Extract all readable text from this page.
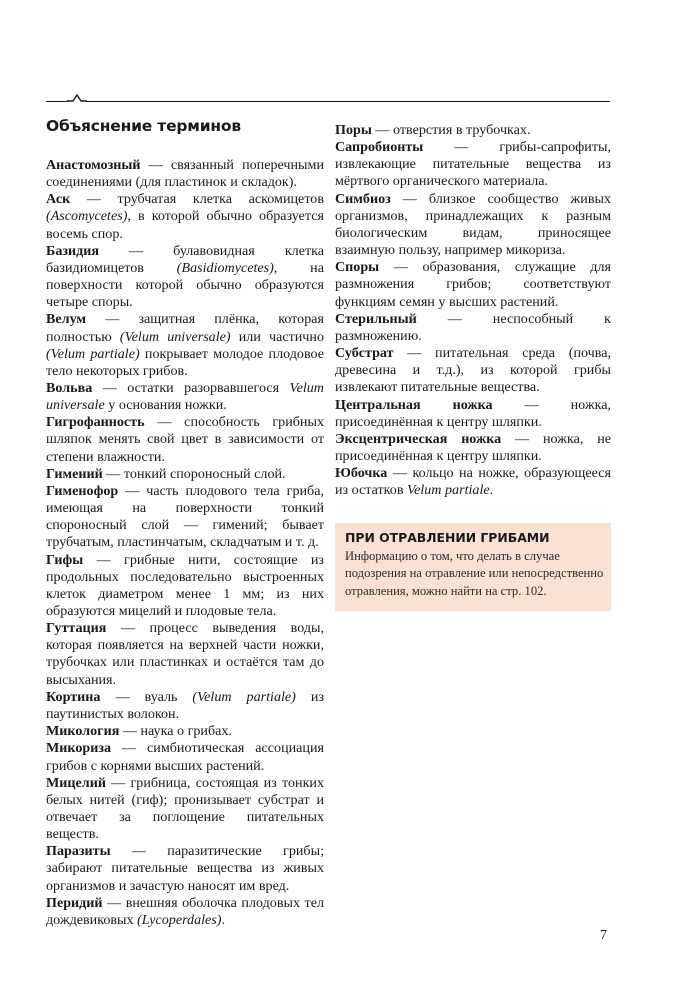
Объяснение терминов

Анастомозный — связанный поперечными соединениями (для пластинок и складок).

Аск — трубчатая клетка аскомицетов (Ascomycetes), в которой обычно образуется восемь спор.

Базидия — булавовидная клетка базидиомицетов (Basidiomycetes), на поверхности которой обычно образуются четыре споры.

Велум — защитная плёнка, которая полностью (Velum universale) или частично (Velum partiale) покрывает молодое плодовое тело некоторых грибов.

Вольва — остатки разорвавшегося Velum universale у основания ножки.

Гигрофанность — способность грибных шляпок менять свой цвет в зависимости от степени влажности.

Гимений — тонкий спороносный слой.

Гименофор — часть плодового тела гриба, имеющая на поверхности тонкий спороносный слой — гимений; бывает трубчатым, пластинчатым, складчатым и т. д.

Гифы — грибные нити, состоящие из продольных последовательно выстроенных клеток диаметром менее 1 мм; из них образуются мицелий и плодовые тела.

Гуттация — процесс выведения воды, которая появляется на верхней части ножки, трубочках или пластинках и остаётся там до высыхания.

Кортина — вуаль (Velum partiale) из паутинистых волокон.

Микология — наука о грибах.

Микориза — симбиотическая ассоциация грибов с корнями высших растений.

Мицелий — грибница, состоящая из тонких белых нитей (гиф); пронизывает субстрат и отвечает за поглощение питательных веществ.

Паразиты — паразитические грибы; забирают питательные вещества из живых организмов и зачастую наносят им вред.

Перидий — внешняя оболочка плодовых тел дождевиковых (Lycoperdales).

Поры — отверстия в трубочках.

Сапробионты — грибы-сапрофиты, извлекающие питательные вещества из мёртвого органического материала.

Симбиоз — близкое сообщество живых организмов, принадлежащих к разным биологическим видам, приносящее взаимную пользу, например микориза.

Споры — образования, служащие для размножения грибов; соответствуют функциям семян у высших растений.

Стерильный — неспособный к размножению.

Субстрат — питательная среда (почва, древесина и т.д.), из которой грибы извлекают питательные вещества.

Центральная ножка — ножка, присоединённая к центру шляпки.

Эксцентрическая ножка — ножка, не присоединённая к центру шляпки.

Юбочка — кольцо на ножке, образующееся из остатков Velum partiale.

ПРИ ОТРАВЛЕНИИ ГРИБАМИ
Информацию о том, что делать в случае подозрения на отравление или непосредственно отравления, можно найти на стр. 102.
7
